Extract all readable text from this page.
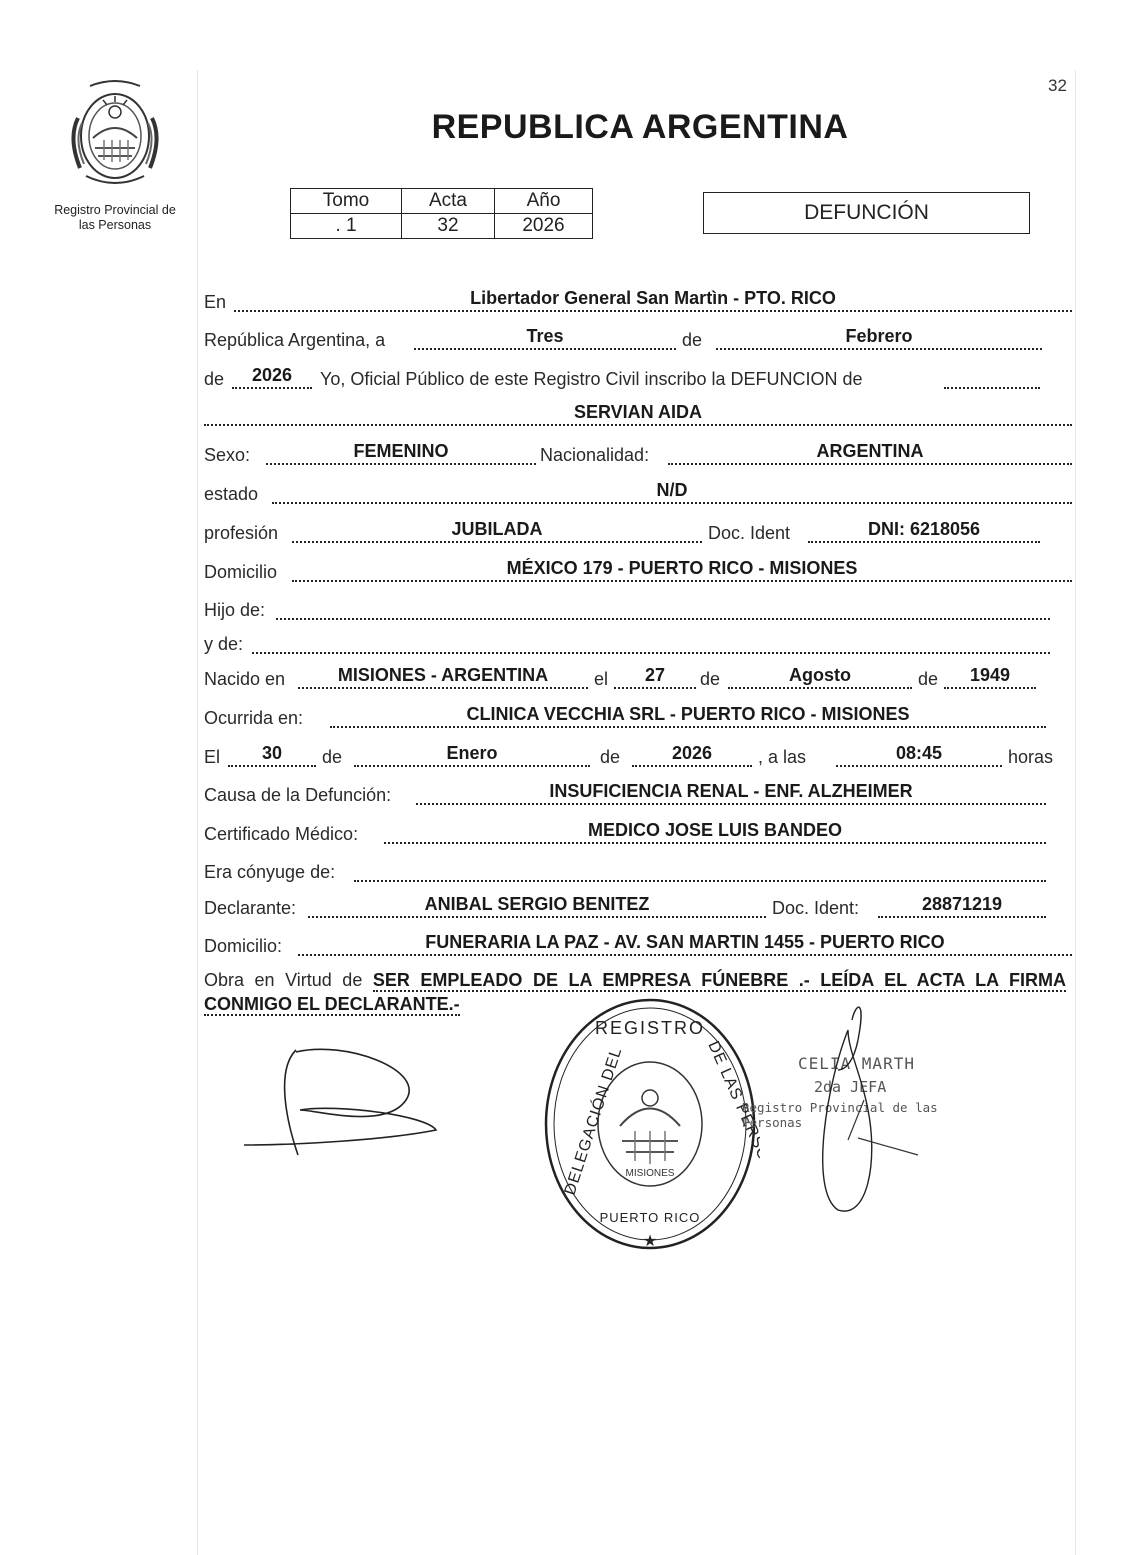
32
Registro Provincial de
las Personas
REPUBLICA ARGENTINA
Tomo	Acta	Año
. 1	32	2026
DEFUNCIÓN
En	Libertador General San Martìn - PTO. RICO
República Argentina, a	Tres	de	Febrero
de	2026	Yo, Oficial Público de este Registro Civil inscribo la DEFUNCION de
SERVIAN AIDA
Sexo:	FEMENINO	Nacionalidad:	ARGENTINA
estado	N/D
profesión	JUBILADA	Doc. Ident	DNI: 6218056
Domicilio	MÉXICO 179 - PUERTO RICO - MISIONES
Hijo de:
y de:
Nacido en	MISIONES - ARGENTINA	el	27	de	Agosto	de	1949
Ocurrida en:	CLINICA VECCHIA SRL - PUERTO RICO - MISIONES
El	30	de	Enero	de	2026	, a las	08:45	horas
Causa de la Defunción:	INSUFICIENCIA RENAL - ENF. ALZHEIMER
Certificado Médico:	MEDICO JOSE LUIS BANDEO
Era cónyuge de:
Declarante:	ANIBAL SERGIO BENITEZ	Doc. Ident:	28871219
Domicilio:	FUNERARIA LA PAZ - AV. SAN MARTIN 1455 - PUERTO RICO
Obra en Virtud de SER EMPLEADO DE LA EMPRESA FÚNEBRE .- LEÍDA EL ACTA LA FIRMA CONMIGO EL DECLARANTE.-
MISIONES
REGISTRO
DELEGACIÓN DEL	DE LAS PERSONAS
PUERTO RICO
★
CELIA MARTH
2da JEFA
Registro Provincial de las Personas
